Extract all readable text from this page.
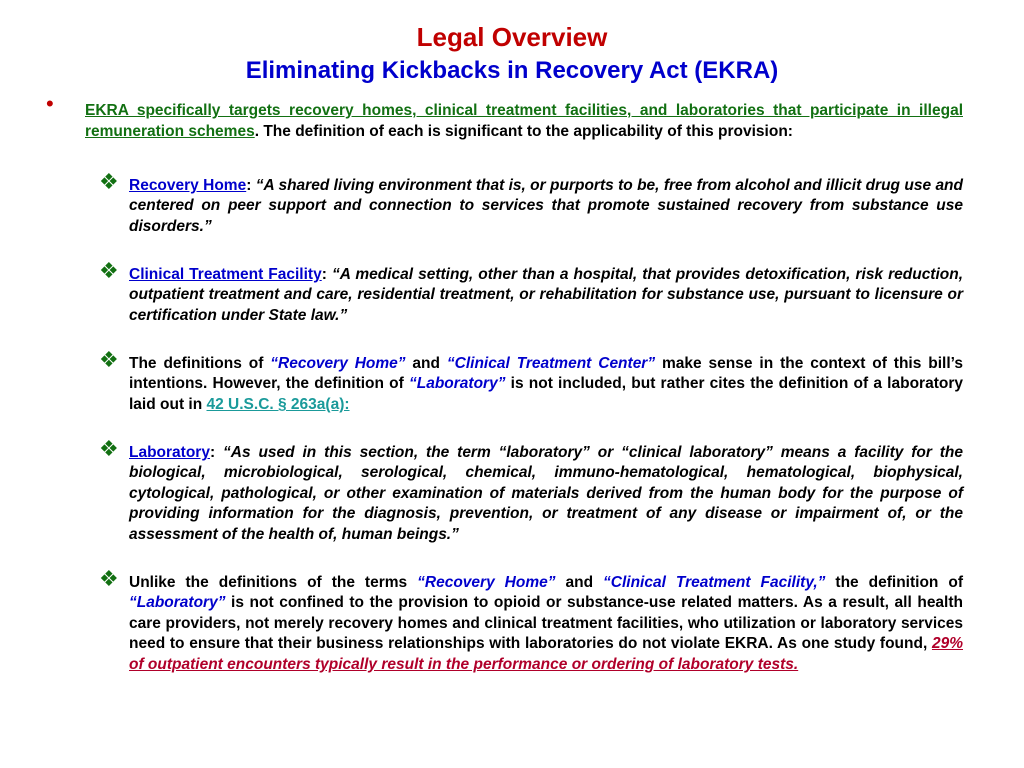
Legal Overview
Eliminating Kickbacks in Recovery Act (EKRA)
• EKRA specifically targets recovery homes, clinical treatment facilities, and laboratories that participate in illegal remuneration schemes. The definition of each is significant to the applicability of this provision:
❖ Recovery Home: “A shared living environment that is, or purports to be, free from alcohol and illicit drug use and centered on peer support and connection to services that promote sustained recovery from substance use disorders.”
❖ Clinical Treatment Facility: “A medical setting, other than a hospital, that provides detoxification, risk reduction, outpatient treatment and care, residential treatment, or rehabilitation for substance use, pursuant to licensure or certification under State law.”
❖ The definitions of “Recovery Home” and “Clinical Treatment Center” make sense in the context of this bill’s intentions. However, the definition of “Laboratory” is not included, but rather cites the definition of a laboratory laid out in 42 U.S.C. § 263a(a):
❖ Laboratory: “As used in this section, the term “laboratory” or “clinical laboratory” means a facility for the biological, microbiological, serological, chemical, immuno-hematological, hematological, biophysical, cytological, pathological, or other examination of materials derived from the human body for the purpose of providing information for the diagnosis, prevention, or treatment of any disease or impairment of, or the assessment of the health of, human beings.”
❖ Unlike the definitions of the terms “Recovery Home” and “Clinical Treatment Facility,” the definition of “Laboratory” is not confined to the provision to opioid or substance-use related matters. As a result, all health care providers, not merely recovery homes and clinical treatment facilities, who utilization or laboratory services need to ensure that their business relationships with laboratories do not violate EKRA. As one study found, 29% of outpatient encounters typically result in the performance or ordering of laboratory tests.
